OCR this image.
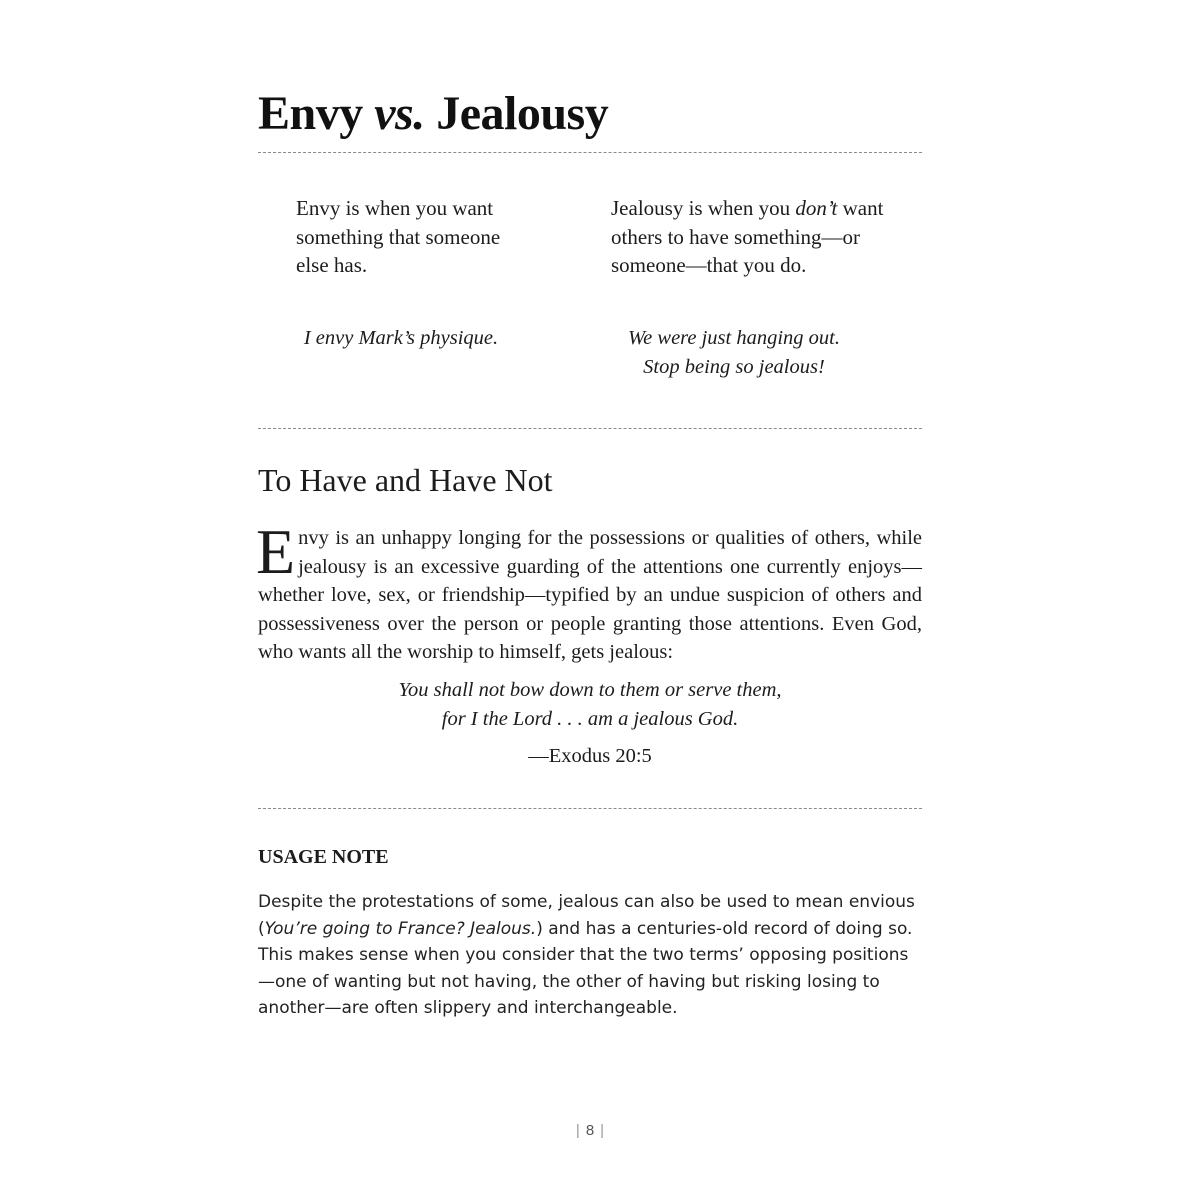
Envy vs. Jealousy
Envy is when you want
something that someone
else has.
Jealousy is when you don’t want
others to have something—or
someone—that you do.
I envy Mark’s physique.	We were just hanging out.
Stop being so jealous!
To Have and Have Not

Envy is an unhappy longing for the possessions or qualities of others, while jealousy is an excessive guarding of the attentions one currently enjoys—whether love, sex, or friendship—typified by an undue suspicion of others and possessiveness over the person or people granting those attentions. Even God, who wants all the worship to himself, gets jealous:

You shall not bow down to them or serve them,
for I the Lord . . . am a jealous God.
—Exodus 20:5
USAGE NOTE

Despite the protestations of some, jealous can also be used to mean envious (You’re going to France? Jealous.) and has a centuries-old record of doing so. This makes sense when you consider that the two terms’ opposing positions—one of wanting but not having, the other of having but risking losing to another—are often slippery and interchangeable.

| 8 |
